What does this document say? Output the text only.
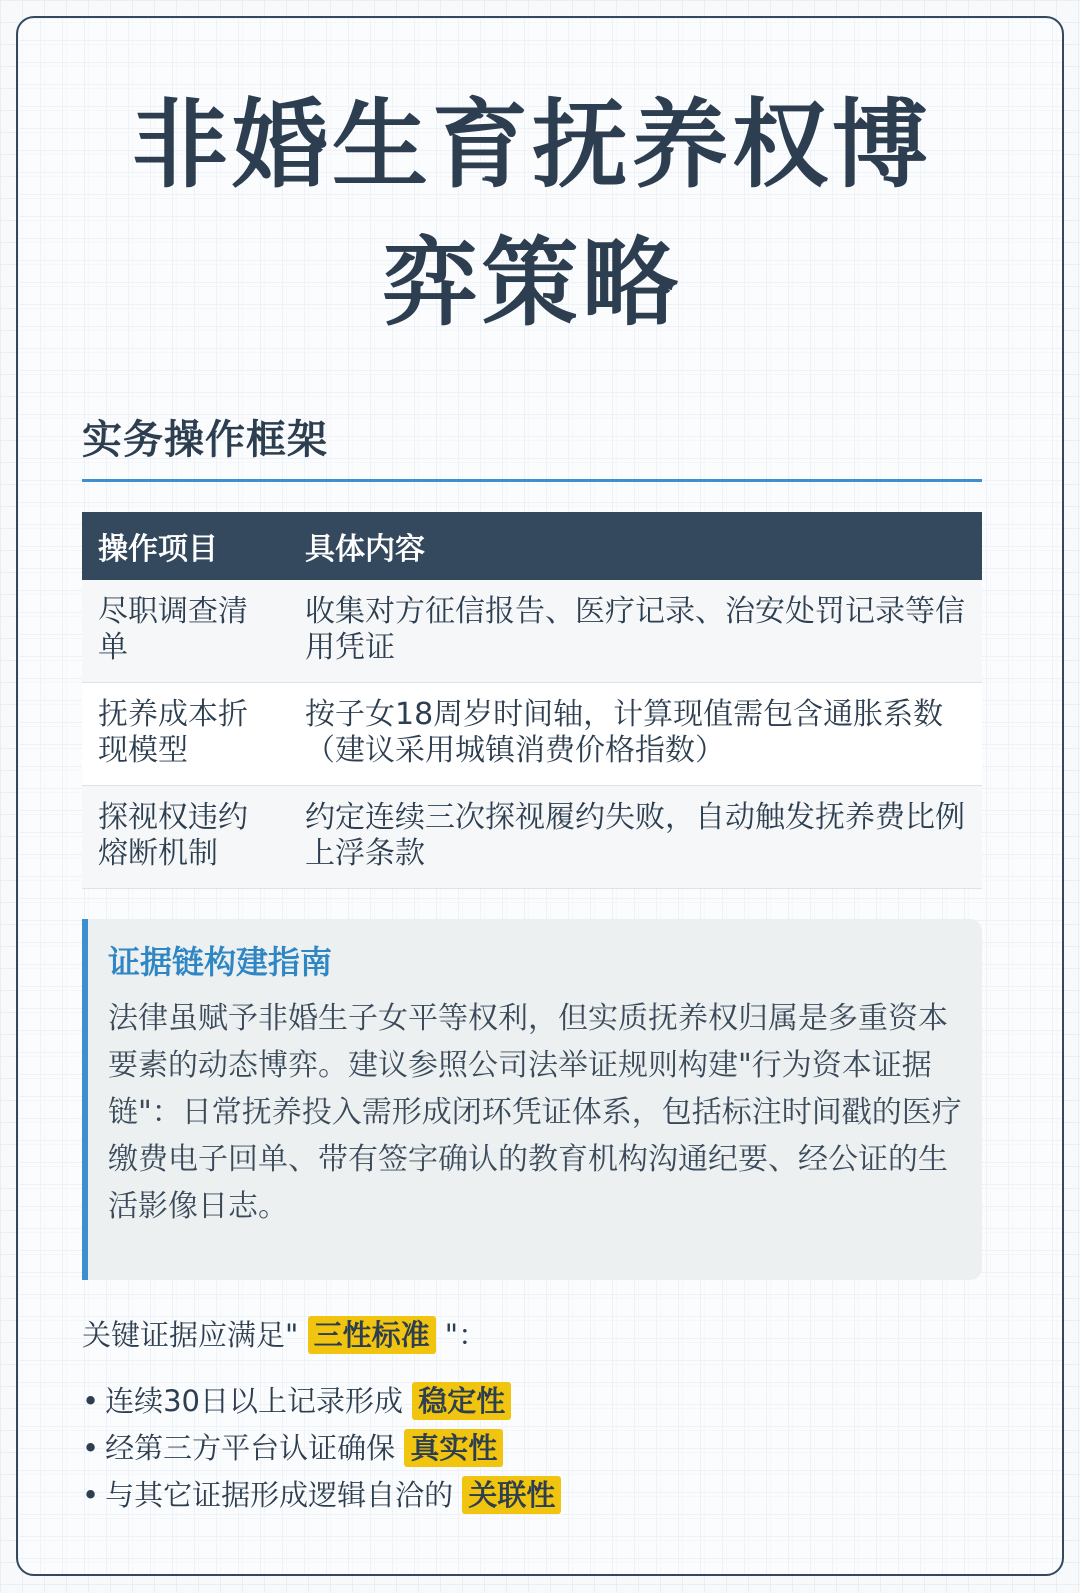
非婚生育抚养权博弈策略
实务操作框架
操作项目	具体内容
尽职调查清单	收集对方征信报告、医疗记录、治安处罚记录等信用凭证
抚养成本折现模型	按子女18周岁时间轴，计算现值需包含通胀系数（建议采用城镇消费价格指数）
探视权违约熔断机制	约定连续三次探视履约失败，自动触发抚养费比例上浮条款
证据链构建指南
法律虽赋予非婚生子女平等权利，但实质抚养权归属是多重资本要素的动态博弈。建议参照公司法举证规则构建"行为资本证据链"：日常抚养投入需形成闭环凭证体系，包括标注时间戳的医疗缴费电子回单、带有签字确认的教育机构沟通纪要、经公证的生活影像日志。

关键证据应满足" 三性标准 "：

• 连续30日以上记录形成 稳定性
• 经第三方平台认证确保 真实性
• 与其它证据形成逻辑自洽的 关联性
